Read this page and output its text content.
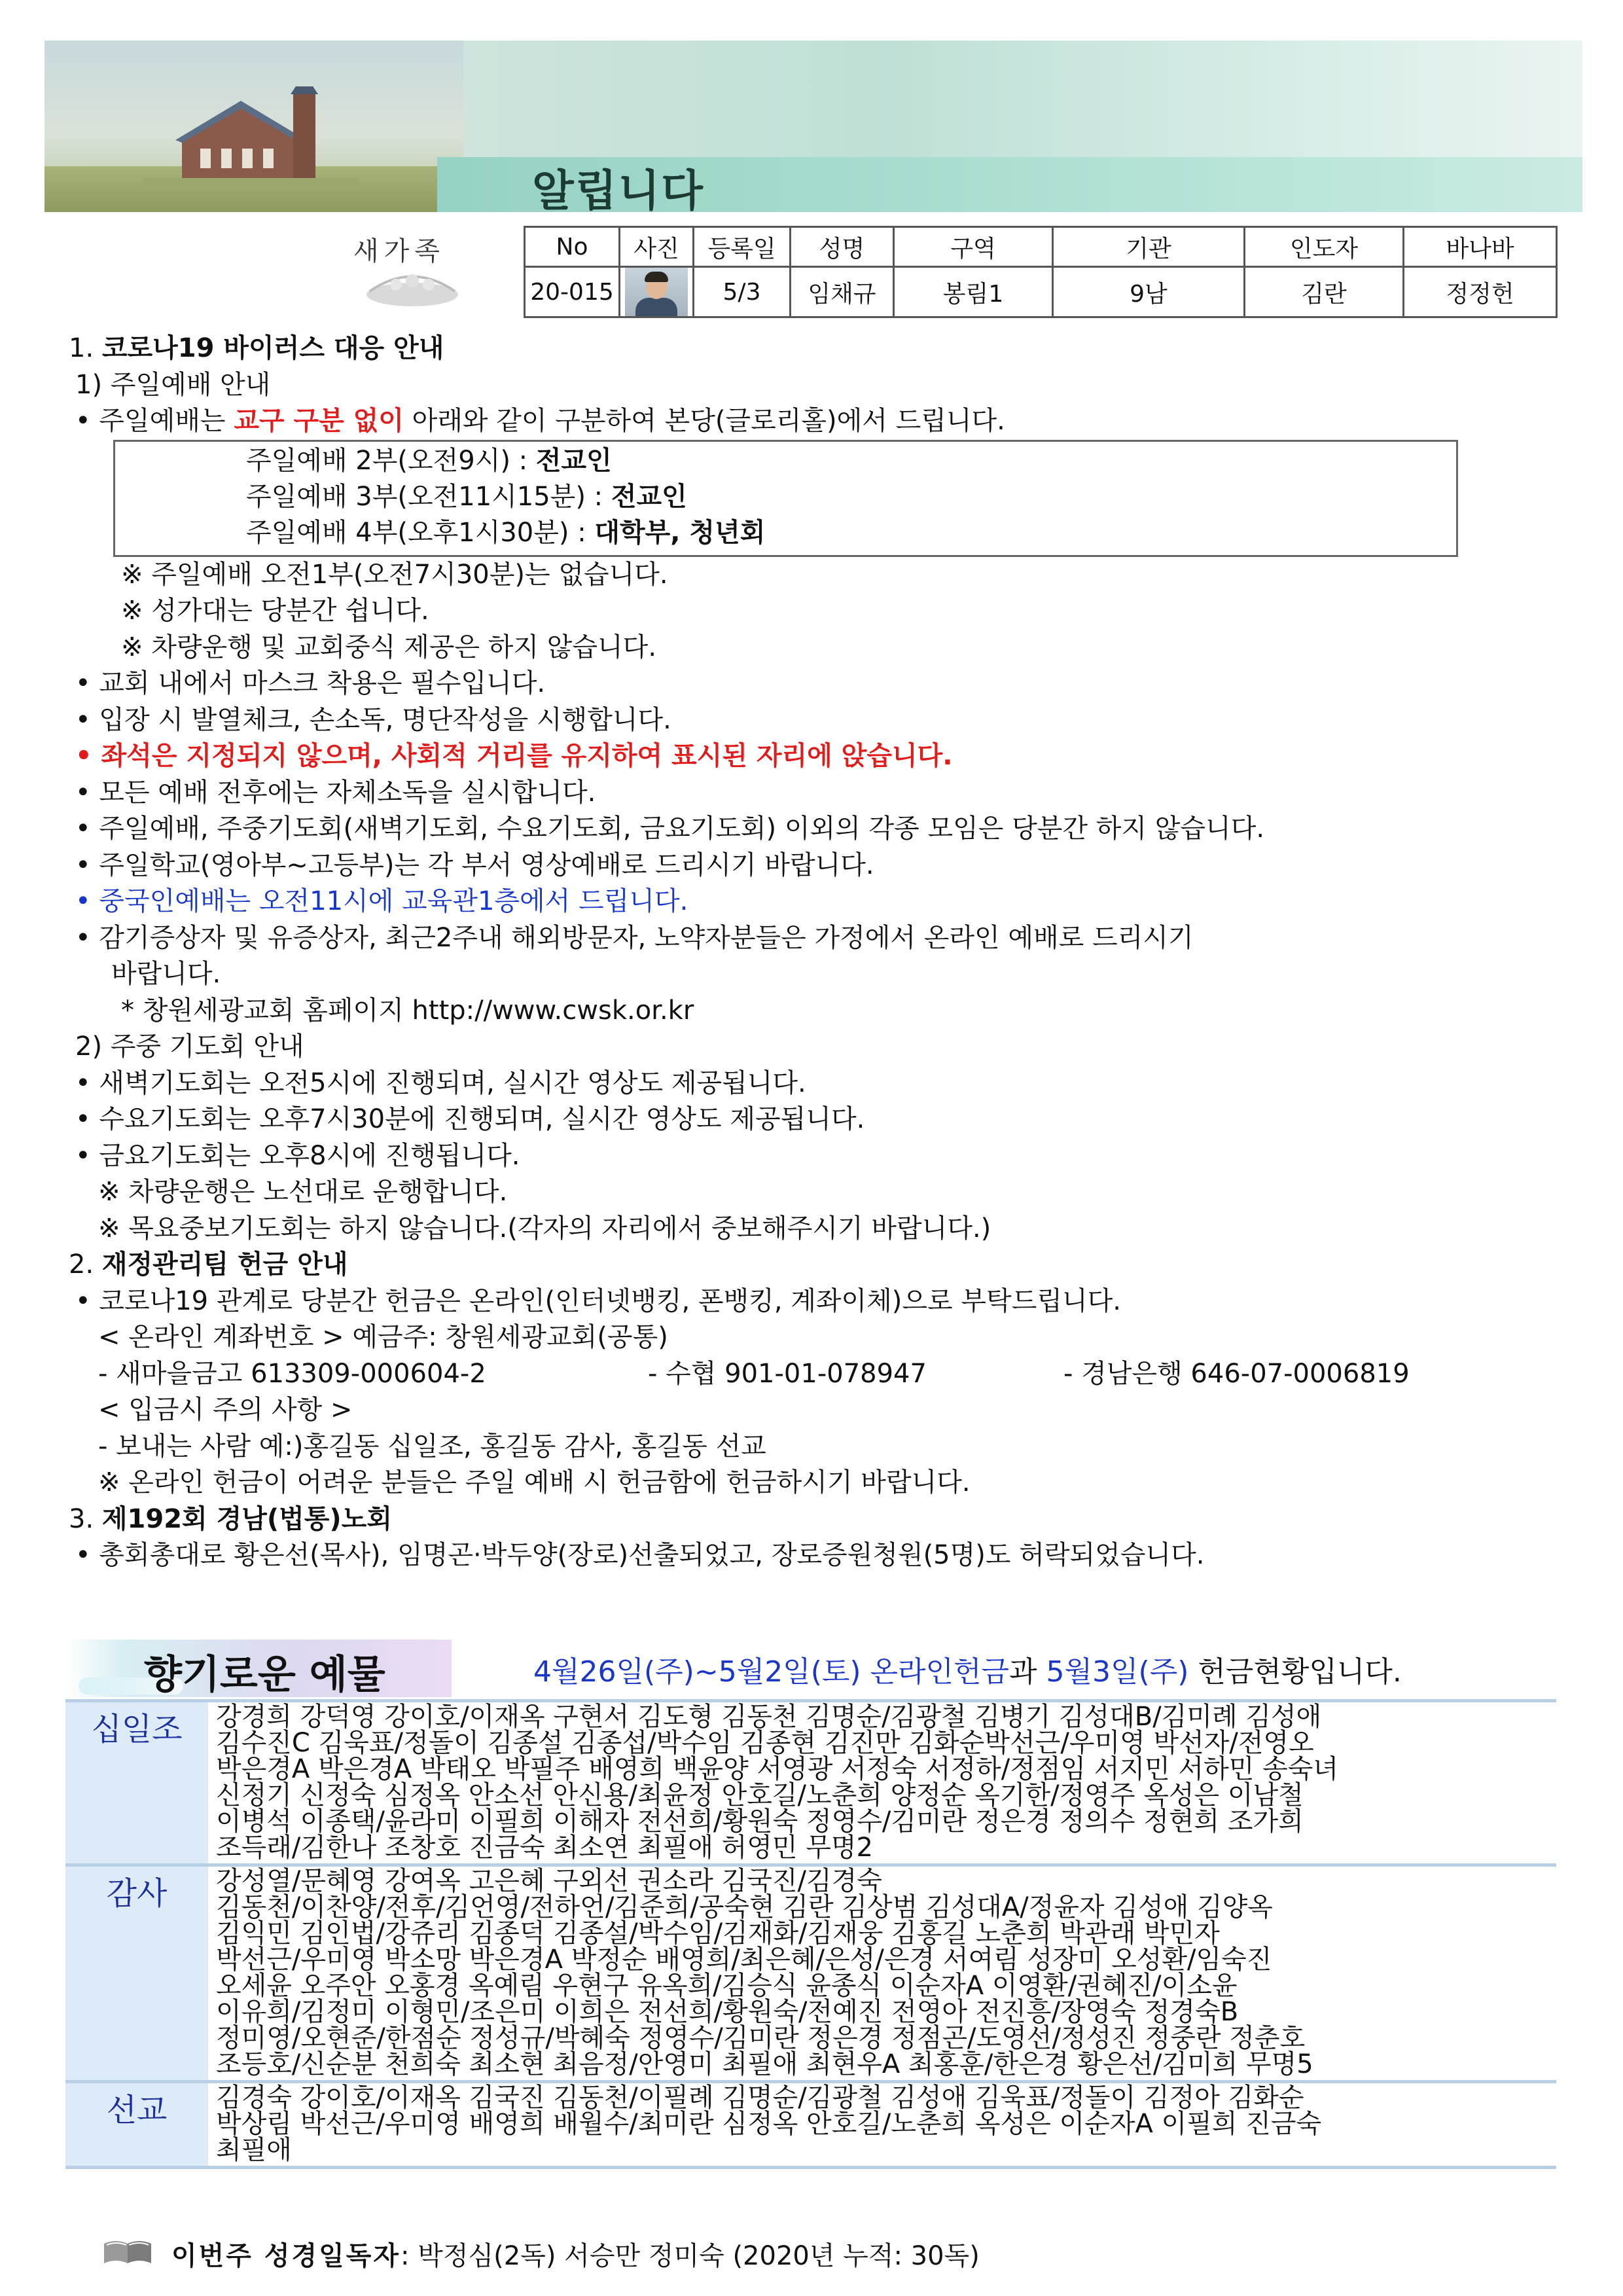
알립니다
새가족	No	사진	등록일	성명	구역	기관	인도자	바나바
20-015		5/3	임채규	봉림1	9남	김란	정정헌
1. 코로나19 바이러스 대응 안내
1) 주일예배 안내
• 주일예배는 교구 구분 없이 아래와 같이 구분하여 본당(글로리홀)에서 드립니다.
주일예배 2부(오전9시) : 전교인
주일예배 3부(오전11시15분) : 전교인
주일예배 4부(오후1시30분) : 대학부, 청년회
※ 주일예배 오전1부(오전7시30분)는 없습니다.
※ 성가대는 당분간 쉽니다.
※ 차량운행 및 교회중식 제공은 하지 않습니다.
• 교회 내에서 마스크 착용은 필수입니다.
• 입장 시 발열체크, 손소독, 명단작성을 시행합니다.
• 좌석은 지정되지 않으며, 사회적 거리를 유지하여 표시된 자리에 앉습니다.
• 모든 예배 전후에는 자체소독을 실시합니다.
• 주일예배, 주중기도회(새벽기도회, 수요기도회, 금요기도회) 이외의 각종 모임은 당분간 하지 않습니다.
• 주일학교(영아부~고등부)는 각 부서 영상예배로 드리시기 바랍니다.
• 중국인예배는 오전11시에 교육관1층에서 드립니다.
• 감기증상자 및 유증상자, 최근2주내 해외방문자, 노약자분들은 가정에서 온라인 예배로 드리시기
바랍니다.
* 창원세광교회 홈페이지 http://www.cwsk.or.kr
2) 주중 기도회 안내
• 새벽기도회는 오전5시에 진행되며, 실시간 영상도 제공됩니다.
• 수요기도회는 오후7시30분에 진행되며, 실시간 영상도 제공됩니다.
• 금요기도회는 오후8시에 진행됩니다.
※ 차량운행은 노선대로 운행합니다.
※ 목요중보기도회는 하지 않습니다.(각자의 자리에서 중보해주시기 바랍니다.)
2. 재정관리팀 헌금 안내
• 코로나19 관계로 당분간 헌금은 온라인(인터넷뱅킹, 폰뱅킹, 계좌이체)으로 부탁드립니다.
< 온라인 계좌번호 > 예금주: 창원세광교회(공통)
- 새마을금고 613309-000604-2	- 수협 901-01-078947	- 경남은행 646-07-0006819
< 입금시 주의 사항 >
- 보내는 사람 예:)홍길동 십일조, 홍길동 감사, 홍길동 선교
※ 온라인 헌금이 어려운 분들은 주일 예배 시 헌금함에 헌금하시기 바랍니다.
3. 제192회 경남(법통)노회
• 총회총대로 황은선(목사), 임명곤·박두양(장로)선출되었고, 장로증원청원(5명)도 허락되었습니다.
향기로운 예물	4월26일(주)~5월2일(토) 온라인헌금과 5월3일(주) 헌금현황입니다.
십일조	강경희 강덕영 강이호/이재옥 구현서 김도형 김동천 김명순/김광철 김병기 김성대B/김미례 김성애
김수진C 김욱표/정돌이 김종설 김종섭/박수임 김종현 김진만 김화순박선근/우미영 박선자/전영오
박은경A 박은경A 박태오 박필주 배영희 백윤양 서영광 서정숙 서정하/정점임 서지민 서하민 송숙녀
신정기 신정숙 심정옥 안소선 안신용/최윤정 안호길/노춘희 양정순 옥기한/정영주 옥성은 이남철
이병석 이종택/윤라미 이필희 이해자 전선희/황원숙 정영수/김미란 정은경 정의수 정현희 조가희
조득래/김한나 조창호 진금숙 최소연 최필애 허영민 무명2
감사	강성열/문혜영 강여옥 고은혜 구외선 권소라 김국진/김경숙
김동천/이찬양/전후/김언영/전하언/김준희/공숙현 김란 김상범 김성대A/정윤자 김성애 김양옥
김익민 김인법/강쥬리 김종덕 김종설/박수임/김재화/김재웅 김홍길 노춘희 박관래 박민자
박선근/우미영 박소망 박은경A 박정순 배영희/최은혜/은성/은경 서여림 성장미 오성환/임숙진
오세윤 오주안 오홍경 옥예림 우현구 유옥희/김승식 윤종식 이순자A 이영환/권혜진/이소윤
이유희/김정미 이형민/조은미 이희은 전선희/황원숙/전예진 전영아 전진흥/장영숙 정경숙B
정미영/오현준/한점순 정성규/박혜숙 정영수/김미란 정은경 정점곤/도영선/정성진 정중란 정춘호
조등호/신순분 천희숙 최소현 최음정/안영미 최필애 최현우A 최홍훈/한은경 황은선/김미희 무명5
선교	김경숙 강이호/이재옥 김국진 김동천/이필례 김명순/김광철 김성애 김욱표/정돌이 김정아 김화순
박상림 박선근/우미영 배영희 배월수/최미란 심정옥 안호길/노춘희 옥성은 이순자A 이필희 진금숙
최필애
이번주 성경일독자: 박정심(2독) 서승만 정미숙 (2020년 누적: 30독)
